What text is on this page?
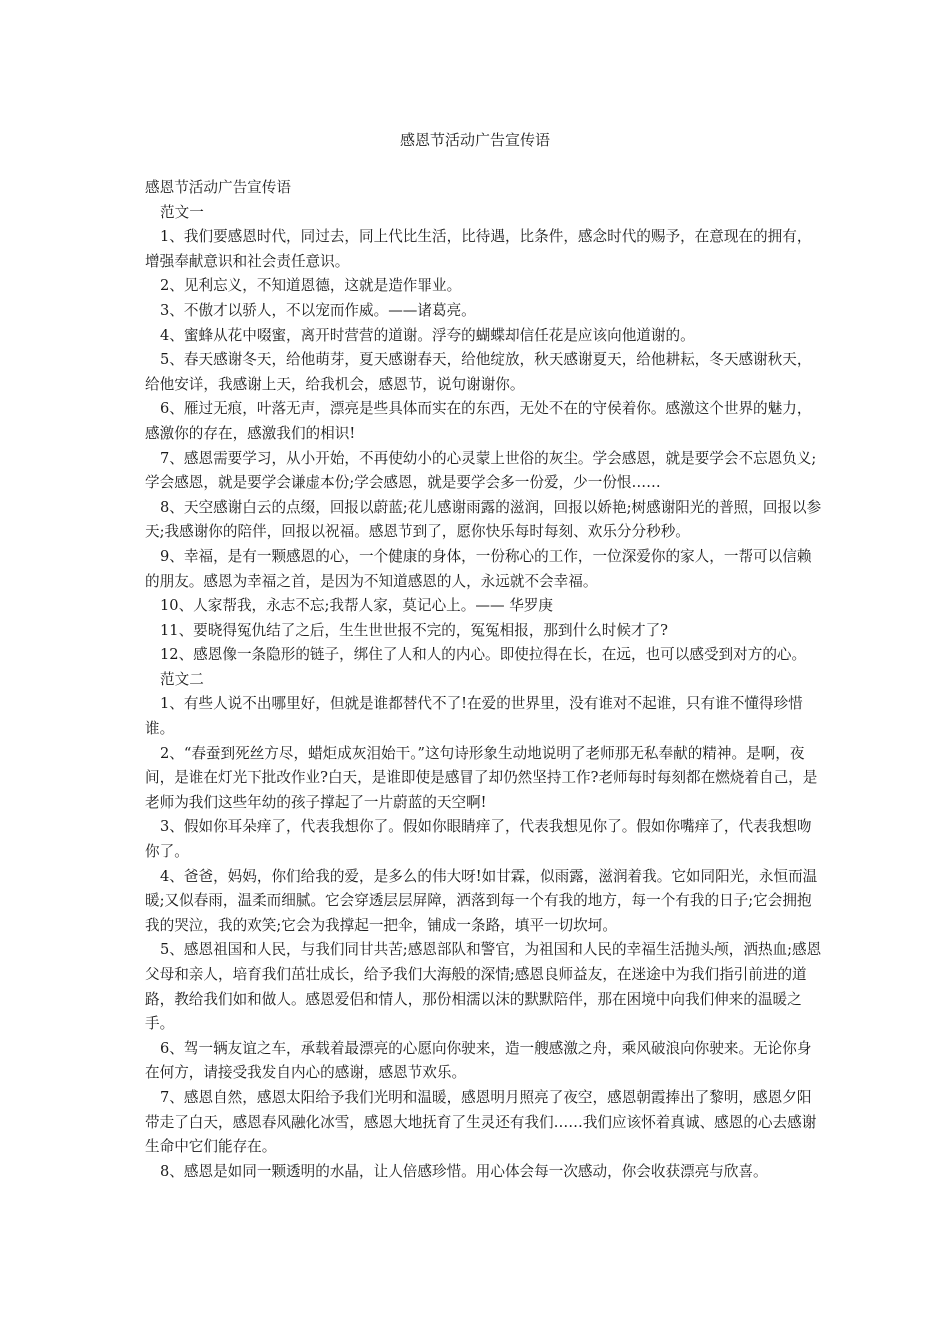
感恩节活动广告宣传语

感恩节活动广告宣传语

范文一

1、我们要感恩时代，同过去，同上代比生活，比待遇，比条件，感念时代的赐予，在意现在的拥有，增强奉献意识和社会责任意识。

2、见利忘义，不知道恩德，这就是造作罪业。

3、不傲才以骄人，不以宠而作威。——诸葛亮。

4、蜜蜂从花中啜蜜，离开时营营的道谢。浮夸的蝴蝶却信任花是应该向他道谢的。

5、春天感谢冬天，给他萌芽，夏天感谢春天，给他绽放，秋天感谢夏天，给他耕耘，冬天感谢秋天，给他安详，我感谢上天，给我机会，感恩节，说句谢谢你。

6、雁过无痕，叶落无声，漂亮是些具体而实在的东西，无处不在的守侯着你。感激这个世界的魅力，感激你的存在，感激我们的相识!

7、感恩需要学习，从小开始，不再使幼小的心灵蒙上世俗的灰尘。学会感恩，就是要学会不忘恩负义;学会感恩，就是要学会谦虚本份;学会感恩，就是要学会多一份爱，少一份恨……

8、天空感谢白云的点缀，回报以蔚蓝;花儿感谢雨露的滋润，回报以娇艳;树感谢阳光的普照，回报以参天;我感谢你的陪伴，回报以祝福。感恩节到了，愿你快乐每时每刻、欢乐分分秒秒。

9、幸福，是有一颗感恩的心，一个健康的身体，一份称心的工作，一位深爱你的家人，一帮可以信赖的朋友。感恩为幸福之首，是因为不知道感恩的人，永远就不会幸福。

10、人家帮我，永志不忘;我帮人家，莫记心上。—— 华罗庚

11、要晓得冤仇结了之后，生生世世报不完的，冤冤相报，那到什么时候才了?

12、感恩像一条隐形的链子，绑住了人和人的内心。即使拉得在长，在远，也可以感受到对方的心。

范文二

1、有些人说不出哪里好，但就是谁都替代不了!在爱的世界里，没有谁对不起谁，只有谁不懂得珍惜谁。

2、“春蚕到死丝方尽，蜡炬成灰泪始干。”这句诗形象生动地说明了老师那无私奉献的精神。是啊，夜间，是谁在灯光下批改作业?白天，是谁即使是感冒了却仍然坚持工作?老师每时每刻都在燃烧着自己，是老师为我们这些年幼的孩子撑起了一片蔚蓝的天空啊!

3、假如你耳朵痒了，代表我想你了。假如你眼睛痒了，代表我想见你了。假如你嘴痒了，代表我想吻你了。

4、爸爸，妈妈，你们给我的爱，是多么的伟大呀!如甘霖，似雨露，滋润着我。它如同阳光，永恒而温暖;又似春雨，温柔而细腻。它会穿透层层屏障，洒落到每一个有我的地方，每一个有我的日子;它会拥抱我的哭泣，我的欢笑;它会为我撑起一把伞，铺成一条路，填平一切坎坷。

5、感恩祖国和人民，与我们同甘共苦;感恩部队和警官，为祖国和人民的幸福生活抛头颅，洒热血;感恩父母和亲人，培育我们茁壮成长，给予我们大海般的深情;感恩良师益友，在迷途中为我们指引前进的道路，教给我们如和做人。感恩爱侣和情人，那份相濡以沫的默默陪伴，那在困境中向我们伸来的温暖之手。

6、驾一辆友谊之车，承载着最漂亮的心愿向你驶来，造一艘感激之舟，乘风破浪向你驶来。无论你身在何方，请接受我发自内心的感谢，感恩节欢乐。

7、感恩自然，感恩太阳给予我们光明和温暖，感恩明月照亮了夜空，感恩朝霞捧出了黎明，感恩夕阳带走了白天，感恩春风融化冰雪，感恩大地抚育了生灵还有我们……我们应该怀着真诚、感恩的心去感谢生命中它们能存在。

8、感恩是如同一颗透明的水晶，让人倍感珍惜。用心体会每一次感动，你会收获漂亮与欣喜。
